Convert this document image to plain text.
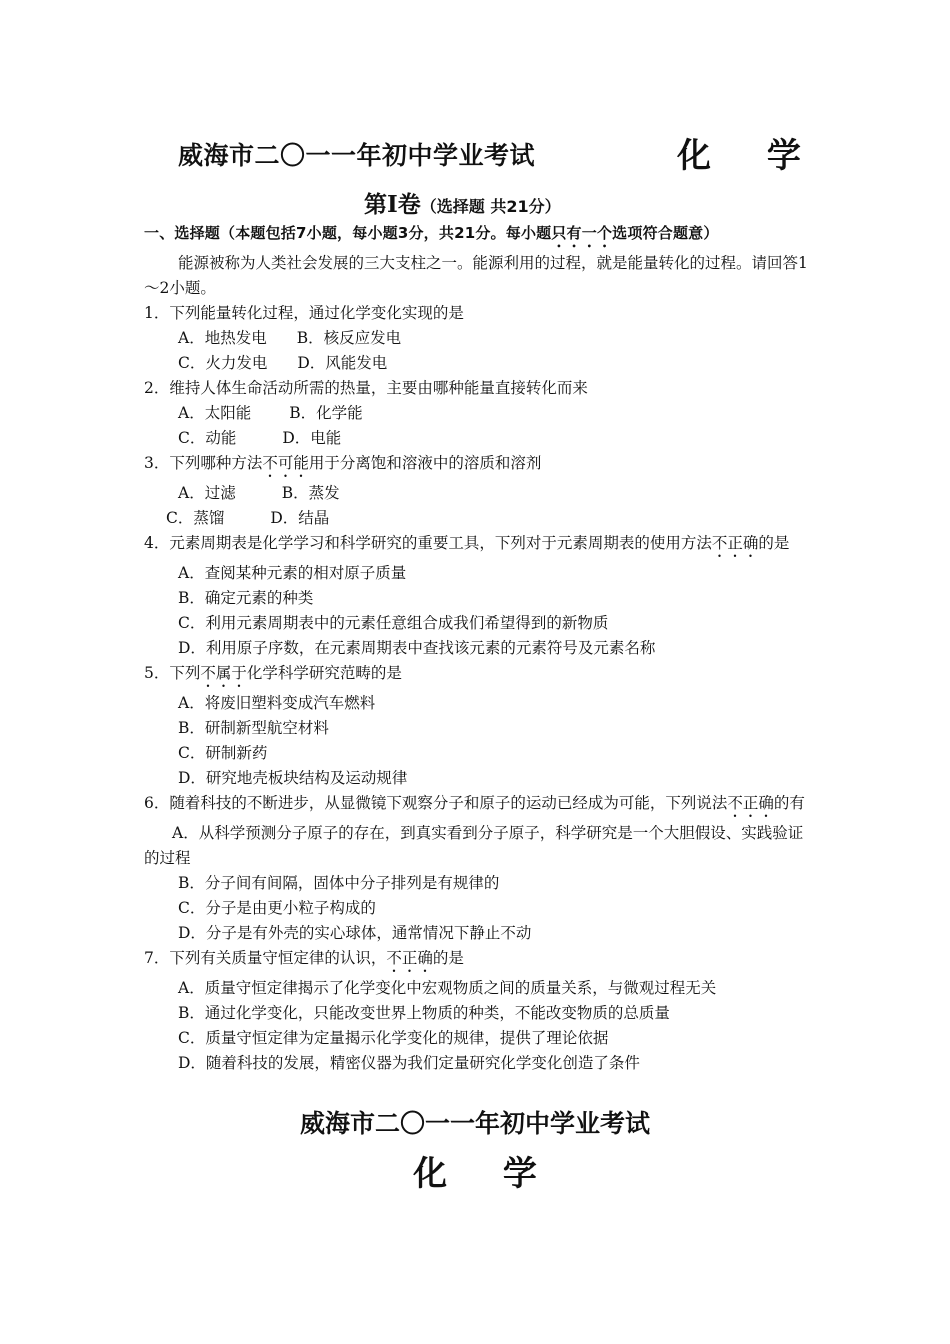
威海市二〇一一年初中学业考试	化 学
第Ⅰ卷（选择题 共21分）

一、选择题（本题包括7小题，每小题3分，共21分。每小题只有一个选项符合题意）

能源被称为人类社会发展的三大支柱之一。能源利用的过程，就是能量转化的过程。请回答1～2小题。

1．下列能量转化过程，通过化学变化实现的是

A．地热发电 B．核反应发电

C．火力发电 D．风能发电

2．维持人体生命活动所需的热量，主要由哪种能量直接转化而来

A．太阳能 B．化学能

C．动能	D．电能

3．下列哪种方法不可能用于分离饱和溶液中的溶质和溶剂

A．过滤	B．蒸发

C．蒸馏	D．结晶

4．元素周期表是化学学习和科学研究的重要工具，下列对于元素周期表的使用方法不正确的是

A．查阅某种元素的相对原子质量

B．确定元素的种类

C．利用元素周期表中的元素任意组合成我们希望得到的新物质

D．利用原子序数，在元素周期表中查找该元素的元素符号及元素名称

5．下列不属于化学科学研究范畴的是

A．将废旧塑料变成汽车燃料

B．研制新型航空材料

C．研制新药

D．研究地壳板块结构及运动规律

6．随着科技的不断进步，从显微镜下观察分子和原子的运动已经成为可能，下列说法不正确的有

A．从科学预测分子原子的存在，到真实看到分子原子，科学研究是一个大胆假设、实践验证的过程

B．分子间有间隔，固体中分子排列是有规律的

C．分子是由更小粒子构成的

D．分子是有外壳的实心球体，通常情况下静止不动

7．下列有关质量守恒定律的认识，不正确的是

A．质量守恒定律揭示了化学变化中宏观物质之间的质量关系，与微观过程无关

B．通过化学变化，只能改变世界上物质的种类，不能改变物质的总质量

C．质量守恒定律为定量揭示化学变化的规律，提供了理论依据

D．随着科技的发展，精密仪器为我们定量研究化学变化创造了条件

威海市二〇一一年初中学业考试
化 学
